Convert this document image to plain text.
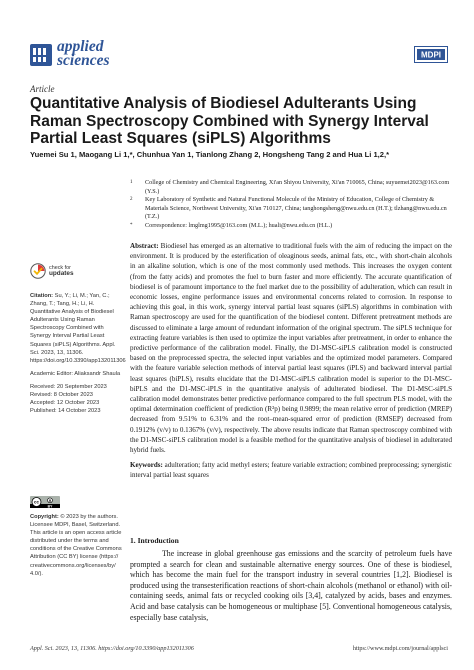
applied
sciences	MDPI
Article
Quantitative Analysis of Biodiesel Adulterants Using Raman Spectroscopy Combined with Synergy Interval Partial Least Squares (siPLS) Algorithms
Yuemei Su 1, Maogang Li 1,*, Chunhua Yan 1, Tianlong Zhang 2, Hongsheng Tang 2 and Hua Li 1,2,*
1 College of Chemistry and Chemical Engineering, Xi'an Shiyou University, Xi'an 710065, China; suyuemei2023@163.com (Y.S.)
2 Key Laboratory of Synthetic and Natural Functional Molecule of the Ministry of Education, College of Chemistry & Materials Science, Northwest University, Xi'an 710127, China; tanghongsheng@nwu.edu.cn (H.T.); tlzhang@nwu.edu.cn (T.Z.)
* Correspondence: lmglmg1995@163.com (M.L.); huali@nwu.edu.cn (H.L.)
Abstract: Biodiesel has emerged as an alternative to traditional fuels with the aim of reducing the impact on the environment. It is produced by the esterification of oleaginous seeds, animal fats, etc., with short-chain alcohols in an alkaline solution, which is one of the most commonly used methods. This increases the oxygen content (from the fatty acids) and promotes the fuel to burn faster and more efficiently. The accurate quantification of biodiesel is of paramount importance to the fuel market due to the possibility of adulteration, which can result in economic losses, engine performance issues and environmental concerns related to corrosion. In response to achieving this goal, in this work, synergy interval partial least squares (siPLS) algorithms in combination with Raman spectroscopy are used for the quantification of the biodiesel content. Different pretreatment methods are discussed to eliminate a large amount of redundant information of the original spectrum. The siPLS technique for extracting feature variables is then used to optimize the input variables after pretreatment, in order to enhance the predictive performance of the calibration model. Finally, the D1-MSC-siPLS calibration model is constructed based on the preprocessed spectra, the selected input variables and the optimized model parameters. Compared with the feature variable selection methods of interval partial least squares (iPLS) and backward interval partial least squares (biPLS), results elucidate that the D1-MSC-siPLS calibration model is superior to the D1-MSC-biPLS and the D1-MSC-iPLS in the quantitative analysis of adulterated biodiesel. The D1-MSC-siPLS calibration model demonstrates better predictive performance compared to the full spectrum PLS model, with the optimal determination coefficient of prediction (R²p) being 0.9899; the mean relative error of prediction (MREP) decreased from 9.51% to 6.31% and the root–mean-squared error of prediction (RMSEP) decreased from 0.1912% (v/v) to 0.1367% (v/v), respectively. The above results indicate that Raman spectroscopy combined with the D1-MSC-siPLS calibration model is a feasible method for the quantitative analysis of biodiesel in adulterated hybrid fuels.
Keywords: adulteration; fatty acid methyl esters; feature variable extraction; combined preprocessing; synergistic interval partial least squares
check for
updates
Citation: Su, Y.; Li, M.; Yan, C.; Zhang, T.; Tang, H.; Li, H. Quantitative Analysis of Biodiesel Adulterants Using Raman Spectroscopy Combined with Synergy Interval Partial Least Squares (siPLS) Algorithms. Appl. Sci. 2023, 13, 11306. https://doi.org/10.3390/app132011306
Academic Editor: Aliaksandr Shaula
Received: 20 September 2023
Revised: 8 October 2023
Accepted: 12 October 2023
Published: 14 October 2023
cc
BY
Copyright: © 2023 by the authors. Licensee MDPI, Basel, Switzerland. This article is an open access article distributed under the terms and conditions of the Creative Commons Attribution (CC BY) license (https:// creativecommons.org/licenses/by/ 4.0/).
1. Introduction
The increase in global greenhouse gas emissions and the scarcity of petroleum fuels have prompted a search for clean and sustainable alternative energy sources. One of these is biodiesel, which has become the main fuel for the transport industry in several countries [1,2]. Biodiesel is produced using the transesterification reactions of short-chain alcohols (methanol or ethanol) with oil-containing seeds, animal fats or recycled cooking oils [3,4], catalyzed by acids, bases and enzymes. Acid and base catalysis can be homogeneous or multiphase [5]. Conventional homogeneous catalysis, especially base catalysis,
Appl. Sci. 2023, 13, 11306. https://doi.org/10.3390/app132011306	https://www.mdpi.com/journal/applsci
